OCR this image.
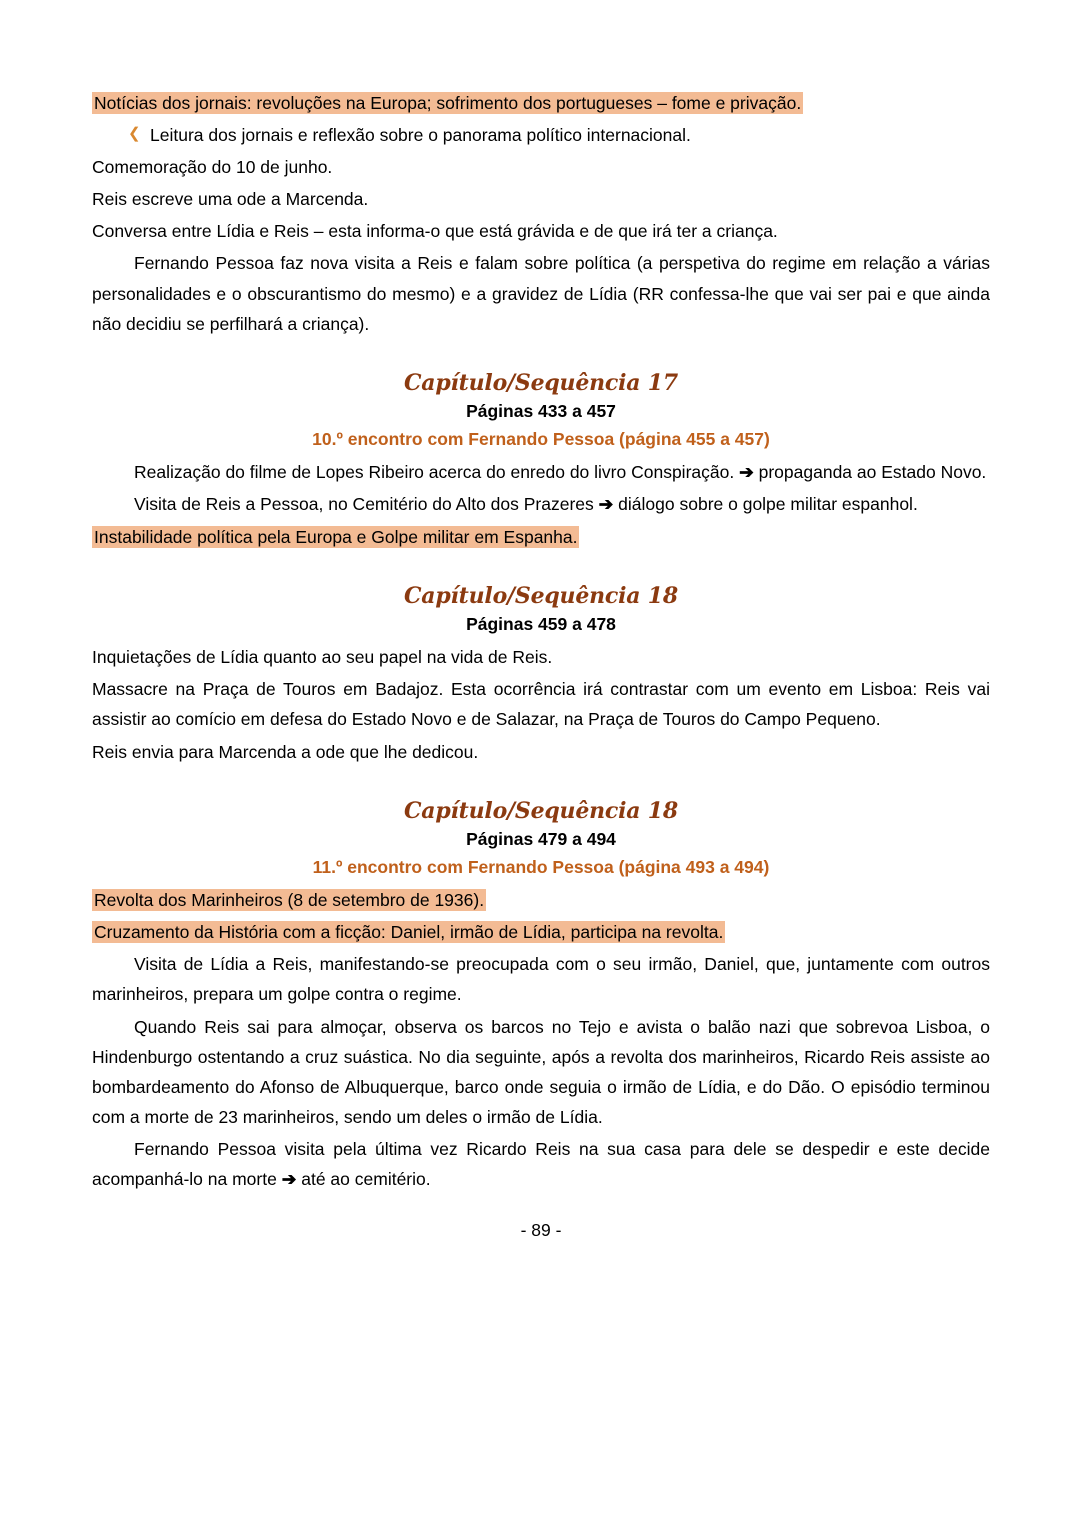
Notícias dos jornais: revoluções na Europa; sofrimento dos portugueses – fome e privação.

❮ Leitura dos jornais e reflexão sobre o panorama político internacional.

Comemoração do 10 de junho.

Reis escreve uma ode a Marcenda.

Conversa entre Lídia e Reis – esta informa-o que está grávida e de que irá ter a criança.

Fernando Pessoa faz nova visita a Reis e falam sobre política (a perspetiva do regime em relação a várias personalidades e o obscurantismo do mesmo) e a gravidez de Lídia (RR confessa-lhe que vai ser pai e que ainda não decidiu se perfilhará a criança).

Capítulo/Sequência 17
Páginas 433 a 457
10.º encontro com Fernando Pessoa (página 455 a 457)

Realização do filme de Lopes Ribeiro acerca do enredo do livro Conspiração. ➔ propaganda ao Estado Novo.

Visita de Reis a Pessoa, no Cemitério do Alto dos Prazeres ➔ diálogo sobre o golpe militar espanhol.

Instabilidade política pela Europa e Golpe militar em Espanha.

Capítulo/Sequência 18
Páginas 459 a 478

Inquietações de Lídia quanto ao seu papel na vida de Reis.

Massacre na Praça de Touros em Badajoz. Esta ocorrência irá contrastar com um evento em Lisboa: Reis vai assistir ao comício em defesa do Estado Novo e de Salazar, na Praça de Touros do Campo Pequeno.

Reis envia para Marcenda a ode que lhe dedicou.

Capítulo/Sequência 18
Páginas 479 a 494
11.º encontro com Fernando Pessoa (página 493 a 494)

Revolta dos Marinheiros (8 de setembro de 1936).

Cruzamento da História com a ficção: Daniel, irmão de Lídia, participa na revolta.

Visita de Lídia a Reis, manifestando-se preocupada com o seu irmão, Daniel, que, juntamente com outros marinheiros, prepara um golpe contra o regime.

Quando Reis sai para almoçar, observa os barcos no Tejo e avista o balão nazi que sobrevoa Lisboa, o Hindenburgo ostentando a cruz suástica. No dia seguinte, após a revolta dos marinheiros, Ricardo Reis assiste ao bombardeamento do Afonso de Albuquerque, barco onde seguia o irmão de Lídia, e do Dão. O episódio terminou com a morte de 23 marinheiros, sendo um deles o irmão de Lídia.

Fernando Pessoa visita pela última vez Ricardo Reis na sua casa para dele se despedir e este decide acompanhá-lo na morte ➔ até ao cemitério.

- 89 -
